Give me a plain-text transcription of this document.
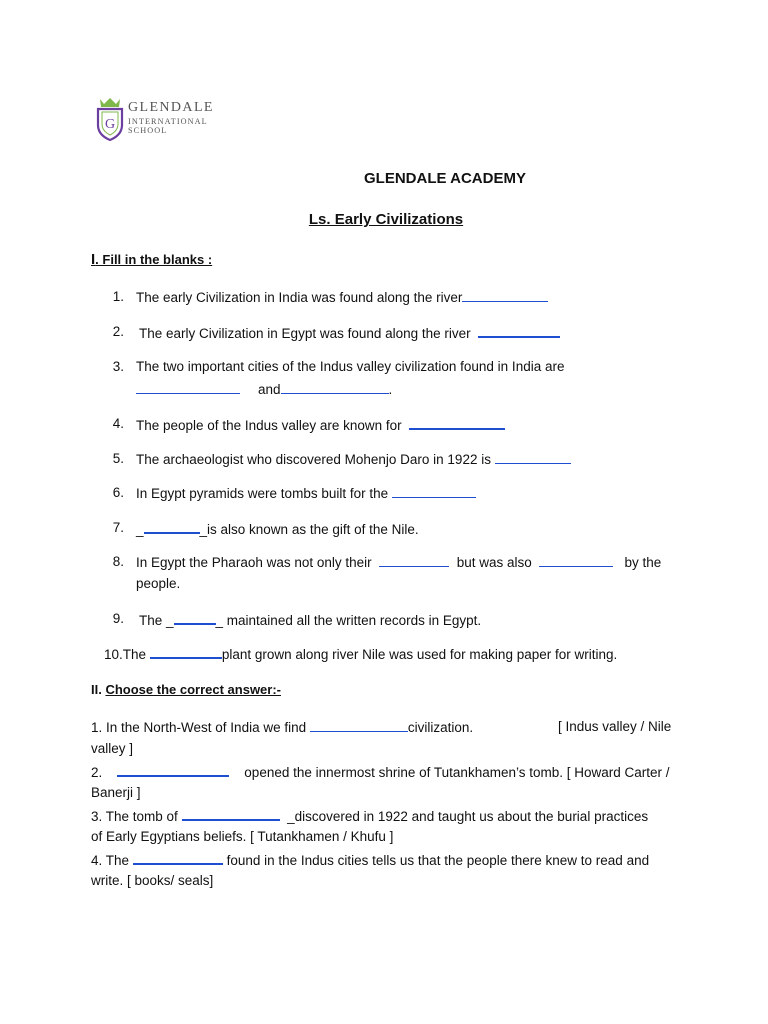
G
GLENDALE
INTERNATIONAL
SCHOOL
GLENDALE ACADEMY
Ls. Early Civilizations
I. Fill in the blanks :
1. The early Civilization in India was found along the river
2. The early Civilization in Egypt was found along the river
3. The two important cities of the Indus valley civilization found in India are
and	.
4. The people of the Indus valley are known for
5. The archaeologist who discovered Mohenjo Daro in 1922 is
6. In Egypt pyramids were tombs built for the
7. _	_is also known as the gift of the Nile.
8. In Egypt the Pharaoh was not only their	but was also	by the
people.
9. The _	_ maintained all the written records in Egypt.
10.The	plant grown along river Nile was used for making paper for writing.
II. Choose the correct answer:-
1. In the North-West of India we find	civilization.	[ Indus valley / Nile
valley ]
2.	opened the innermost shrine of Tutankhamen’s tomb. [ Howard Carter /
Banerji ]
3. The tomb of	_discovered in 1922 and taught us about the burial practices
of Early Egyptians beliefs. [ Tutankhamen / Khufu ]
4. The	found in the Indus cities tells us that the people there knew to read and
write. [ books/ seals]
